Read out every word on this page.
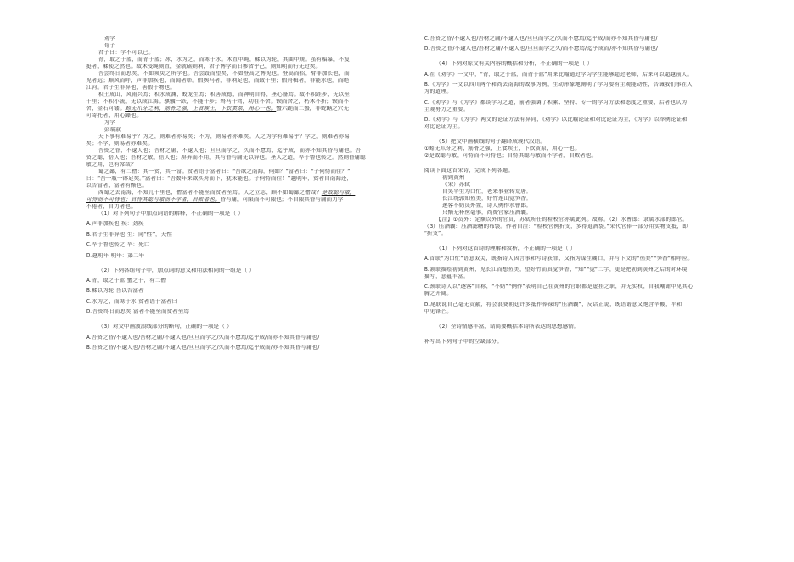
劝学
荀子
君子曰：学不可以已。
青，取之于蓝，而青于蓝；冰，水为之，而寒于水。木直中绳，輮以为轮，其曲中规。虽有槁暴，不复
挺者，輮使之然也。故木受绳则直，金就砺则利，君子博学而日参省乎己，则知明而行无过矣。
吾尝终日而思矣，不如须臾之所学也。吾尝跂而望矣，不如登高之博见也。登高而招，臂非加长也，而
见者远；顺风而呼，声非加疾也，而闻者彰。假舆马者，非利足也，而致千里；假舟楫者，非能水也，而绝
江河。君子生非异也，善假于物也。
积土成山，风雨兴焉；积水成渊，蛟龙生焉；积善成德，而神明自得，圣心备焉。故不积跬步，无以至
千里；不积小流，无以成江海。骐骥一跃，不能十步；驽马十驾，功在不舍。锲而舍之，朽木不折；锲而不
舍，金石可镂。蚓无爪牙之利，筋骨之强，上食埃土，下饮黄泉，用心一也。蟹六跪而二螯，非蛇鳝之穴无
可寄托者，用心躁也。
为学
彭端淑
天下事有难易乎？为之，则难者亦易矣；不为，则易者亦难矣。人之为学有难易乎？学之，则难者亦易
矣；不学，则易者亦难矣。
吾资之昏，不逮人也；吾材之庸，不逮人也；旦旦而学之，久而不怠焉，迄乎成，而亦不知其昏与庸也。吾
资之聪，倍人也；吾材之敏，倍人也；屏弃而不用，其与昏与庸无以异也。圣人之道，卒于鲁也传之。然则昏庸聪
敏之用，岂有常哉？
蜀之鄙，有二僧：其一贫，其一富。贫者语于富者曰：“吾欲之南海，何如？”富者曰：“子何恃而往？”
曰：“吾一瓶一钵足矣。”富者曰：“吾数年来欲买舟而下，犹未能也。子何恃而往！”越明年，贫者自南海还，
以告富者，富者有惭色。
西蜀之去南海，不知几千里也，僧富者不能至而贫者至焉。人之立志，顾不如蜀鄙之僧哉？是故聪与敏，
可恃而不可恃也；自恃其聪与敏而不学者，自败者也。昏与庸，可限而不可限也；不自限其昏与庸而力学
不倦者，自力者也。
（1）对下列句子中加点词语的解释，不正确的一项是（ ）
A.声非加疾也 疾：劲疾
B.君子生非异也 生：同“性”，天性
C.卒于鲁也传之 卒：死亡
D.越明年 明年：第二年
（2）下列各组句子中，加点词的意义和用法相同的一组是（ ）
A.青，取之于蓝 蟹之于，有二僧
B.輮以为轮 吾以告富者
C.水为之，而寒于水 贫者语于富者曰
D.吾资终日而思矣 富者不能至而贫者至焉
（3）对文中画波浪线部分的断句，正确的一项是（ ）
A.吾资之昏/不逮人也/吾材之庸/不逮人也/旦旦而学之/久而不怠焉/迄乎成/而亦不知其昏与庸也/
B.吾资之昏/不逮人也/吾材之庸/不逮人也/旦旦而学之/久而不怠焉/迄乎成而/亦不知其昏与庸也/
C.吾资之昏/不逮人也/吾材之庸/不逮人也/旦旦而学之/久而不怠焉/迄乎成/而亦不知其昏与庸也/
D.吾资之昏/不逮人也/吾材之庸/不逮人也/旦旦而学之久/而不怠焉/迄乎成而/亦不知其昏与庸也/
（4）下列对原文有关内容的概括和分析，不正确的一项是（ ）
A.在《劝学》一文中，“青，取之于蓝，而青于蓝”用来比喻通过学习学生能够超过老师，后来可以超越前人。
B.《为学》一文以四川两个和尚去南海的故事为例，生动形象地阐明了学习要有主观能动性，告诫我们事在人
为的道理。
C.《劝学》与《为学》都谈学习之道，前者强调了积累、坚持、专一的学习方法和态度之重要，后者也认为
主观努力之重要。
D.《劝学》与《为学》两文的论证方法有异同，《劝学》以比喻论证和对比论证为主，《为学》以举例论证和
对比论证为主。
（5）把文中画横线的句子翻译成现代汉语。
①蚓无爪牙之利，筋骨之强，上食埃土，下饮黄泉，用心一也。
②是故聪与敏，可恃而不可恃也；自恃其聪与敏而不学者，自败者也。
阅读下面这首宋诗，完成下列各题。
初到黄州
（宋）苏轼
自笑平生为口忙，老来事业转荒唐。
长江绕郭知鱼美，好竹连山觉笋香。
逐客不妨员外置，诗人例作水曹郎。
只惭无补丝毫事，尚费官家压酒囊。
【注】①员外：定额以外的官员，苏轼所任的检校官亦属此列。故称。（2）水曹郎：隶属水部的郎官。
（3）压酒囊：压酒滤糟的布袋。作者自注：“检校官例折支，多得退酒袋。”宋代官俸一部分用实物支抵，即
“折支”。
（1）下列对这首诗的理解和赏析，不正确的一项是（ ）
A.首联“为口忙”语意双关，既指诗人因言事和写诗获罪，又指为谋生糊口，并与下文的“鱼美”“笋香”相呼应。
B.颔联描绘初到黄州，见长江而想鱼美，望好竹而真觉笋香，“知”“觉”二字，更是把初到黄州之后的对环境
描写，意蕴丰富。
C.颈联诗人以“逐客”自称，“不妨”“例作”表明自己在黄州的官职都是虚挂之职，并无实权，自我嘲谑中见其心
胸之开阔。
D.尾联说自己毫无贡献，将会浪费朝廷许多抵作俸禄的“压酒囊”，反话正说，既语谐意又饱含辛酸，平和
中见锋芒。
（2）全诗情感丰富，请简要概括本诗所表达的思想感情。
补写出下列句子中的空缺部分。
